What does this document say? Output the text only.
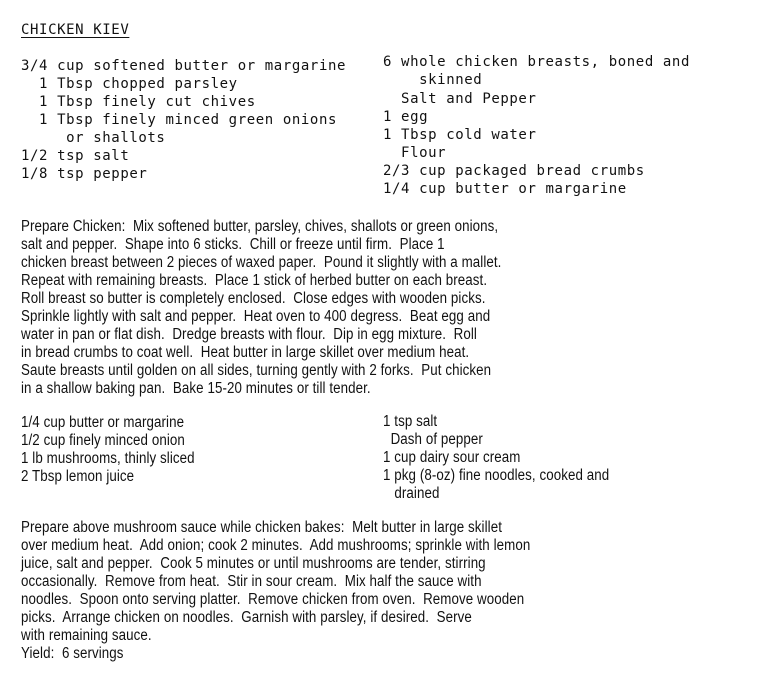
CHICKEN KIEV
3/4 cup softened butter or margarine
1 Tbsp chopped parsley
1 Tbsp finely cut chives
1 Tbsp finely minced green onions
or shallots
1/2 tsp salt
1/8 tsp pepper
6 whole chicken breasts, boned and
skinned
Salt and Pepper
1 egg
1 Tbsp cold water
Flour
2/3 cup packaged bread crumbs
1/4 cup butter or margarine
Prepare Chicken:  Mix softened butter, parsley, chives, shallots or green onions,
salt and pepper.  Shape into 6 sticks.  Chill or freeze until firm.  Place 1
chicken breast between 2 pieces of waxed paper.  Pound it slightly with a mallet.
Repeat with remaining breasts.  Place 1 stick of herbed butter on each breast.
Roll breast so butter is completely enclosed.  Close edges with wooden picks.
Sprinkle lightly with salt and pepper.  Heat oven to 400 degress.  Beat egg and
water in pan or flat dish.  Dredge breasts with flour.  Dip in egg mixture.  Roll
in bread crumbs to coat well.  Heat butter in large skillet over medium heat.
Saute breasts until golden on all sides, turning gently with 2 forks.  Put chicken
in a shallow baking pan.  Bake 15-20 minutes or till tender.
1/4 cup butter or margarine
1/2 cup finely minced onion
1 lb mushrooms, thinly sliced
2 Tbsp lemon juice
1 tsp salt
Dash of pepper
1 cup dairy sour cream
1 pkg (8-oz) fine noodles, cooked and
drained
Prepare above mushroom sauce while chicken bakes:  Melt butter in large skillet
over medium heat.  Add onion; cook 2 minutes.  Add mushrooms; sprinkle with lemon
juice, salt and pepper.  Cook 5 minutes or until mushrooms are tender, stirring
occasionally.  Remove from heat.  Stir in sour cream.  Mix half the sauce with
noodles.  Spoon onto serving platter.  Remove chicken from oven.  Remove wooden
picks.  Arrange chicken on noodles.  Garnish with parsley, if desired.  Serve
with remaining sauce.
Yield:  6 servings
